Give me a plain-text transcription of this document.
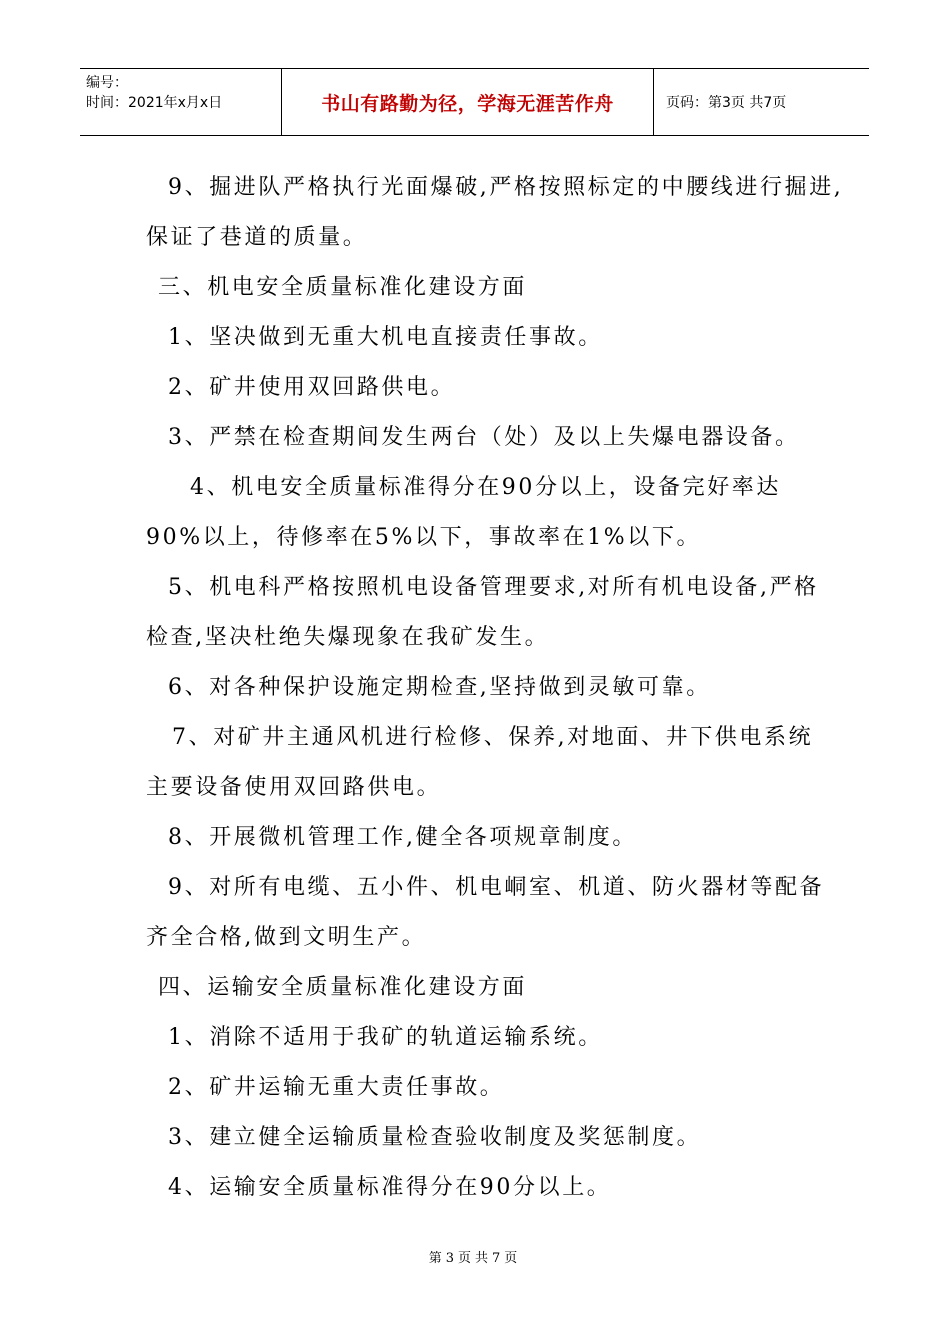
编号：
时间：2021年x月x日	书山有路勤为径，学海无涯苦作舟	页码：第3页 共7页
9、掘进队严格执行光面爆破,严格按照标定的中腰线进行掘进,
保证了巷道的质量。
三、机电安全质量标准化建设方面
1、坚决做到无重大机电直接责任事故。
2、矿井使用双回路供电。
3、严禁在检查期间发生两台（处）及以上失爆电器设备。
4、机电安全质量标准得分在90分以上，设备完好率达
90%以上，待修率在5%以下，事故率在1%以下。
5、机电科严格按照机电设备管理要求,对所有机电设备,严格
检查,坚决杜绝失爆现象在我矿发生。
6、对各种保护设施定期检查,坚持做到灵敏可靠。
7、对矿井主通风机进行检修、保养,对地面、井下供电系统
主要设备使用双回路供电。
8、开展微机管理工作,健全各项规章制度。
9、对所有电缆、五小件、机电峒室、机道、防火器材等配备
齐全合格,做到文明生产。
四、运输安全质量标准化建设方面
1、消除不适用于我矿的轨道运输系统。
2、矿井运输无重大责任事故。
3、建立健全运输质量检查验收制度及奖惩制度。
4、运输安全质量标准得分在90分以上。
第3页共7页
